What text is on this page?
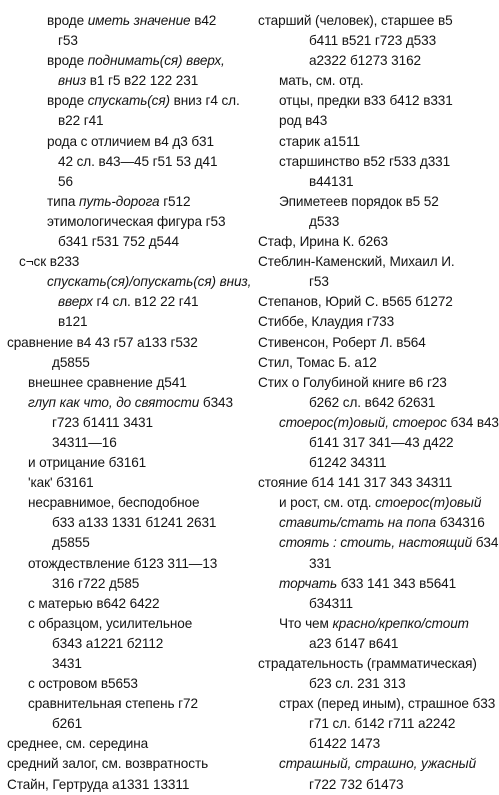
вроде иметь значение в42
г53
вроде поднимать(ся) вверх,
вниз в1 г5 в22 122 231
вроде спускать(ся) вниз г4 сл.
в22 г41
рода с отличием в4 д3 б31
42 сл. в43—45 г51 53 д41
56
типа путь-дорога г512
этимологическая фигура г53
б341 г531 752 д544
с¬ск в233
спускать(ся)/опускать(ся) вниз,
вверх г4 сл. в12 22 г41
в121
сравнение в4 43 г57 а133 г532
д5855
внешнее сравнение д541
глуп как что, до святости б343
г723 б1411 3431
34311—16
и отрицание б3161
'как' б3161
несравнимое, бесподобное
б33 а133 1331 б1241 2631
д5855
отождествление б123 311—13
316 г722 д585
с матерью в642 6422
с образцом, усилительное
б343 а1221 б2112
3431
с островом в5653
сравнительная степень г72
б261
среднее, см. середина
средний залог, см. возвратность
Стайн, Гертруда а1331 13311
старший (человек), старшее в5
б411 в521 г723 д533
а2322 б1273 3162
мать, см. отд.
отцы, предки в33 б412 в331
род в43
старик а1511
старшинство в52 г533 д331
в44131
Эпиметеев порядок в5 52
д533
Стаф, Ирина К. б263
Стеблин-Каменский, Михаил И.
г53
Степанов, Юрий С. в565 б1272
Стиббе, Клаудия г733
Стивенсон, Роберт Л. в564
Стил, Томас Б. а12
Стих о Голубиной книге в6 г23
б262 сл. в642 б2631
стоерос(т)овый, стоерос б34 в43
б141 317 341—43 д422
б1242 34311
стояние б14 141 317 343 34311
и рост, см. отд. стоерос(т)овый
ставить/стать на попа б34316
стоять : стоить, настоящий б34
331
торчать б33 141 343 в5641
б34311
Что чем красно/крепко/стоит
а23 б147 в641
страдательность (грамматическая)
б23 сл. 231 313
страх (перед иным), страшное б33
г71 сл. б142 г711 а2242
б1422 1473
страшный, страшно, ужасный
г722 732 б1473
